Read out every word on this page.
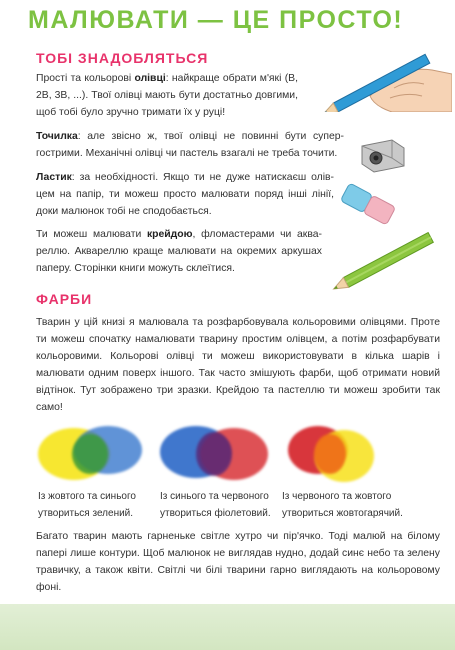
МАЛЮВАТИ — ЦЕ ПРОСТО!
ТОБІ ЗНАДОБЛЯТЬСЯ
Прості та кольорові олівці: найкраще обрати м'які (В, 2В, 3В, ...). Твої олівці мають бути достатньо довгими, щоб тобі було зручно тримати їх у руці!
Точилка: але звісно ж, твої олівці не повинні бути супер-гострими. Механічні олівці чи пастель взагалі не треба точити.
Ластик: за необхідності. Якщо ти не дуже натискаєш олів-цем на папір, ти можеш просто малювати поряд інші лінії, доки малюнок тобі не сподобається.
Ти можеш малювати крейдою, фломастерами чи аква-реллю. Аквареллю краще малювати на окремих аркушах паперу. Сторінки книги можуть склеїтися.
ФАРБИ
Тварин у цій книзі я малювала та розфарбовувала кольоровими олівцями. Проте ти можеш спочатку намалювати тварину простим олівцем, а потім розфарбувати кольоровими. Кольорові олівці ти можеш використовувати в кілька шарів і малювати одним поверх іншого. Так часто змішують фарби, щоб отримати новий відтінок. Тут зображено три зразки. Крейдою та пастеллю ти можеш зробити так само!
Із жовтого та синього утвориться зелений.
Із синього та червоного утвориться фіолетовий.
Із червоного та жовтого утвориться жовтогарячий.
Багато тварин мають гарненьке світле хутро чи пір'ячко. Тоді малюй на білому папері лише контури. Щоб малюнок не виглядав нудно, додай синє небо та зелену травичку, а також квіти. Світлі чи білі тварини гарно виглядають на кольоровому фоні.
